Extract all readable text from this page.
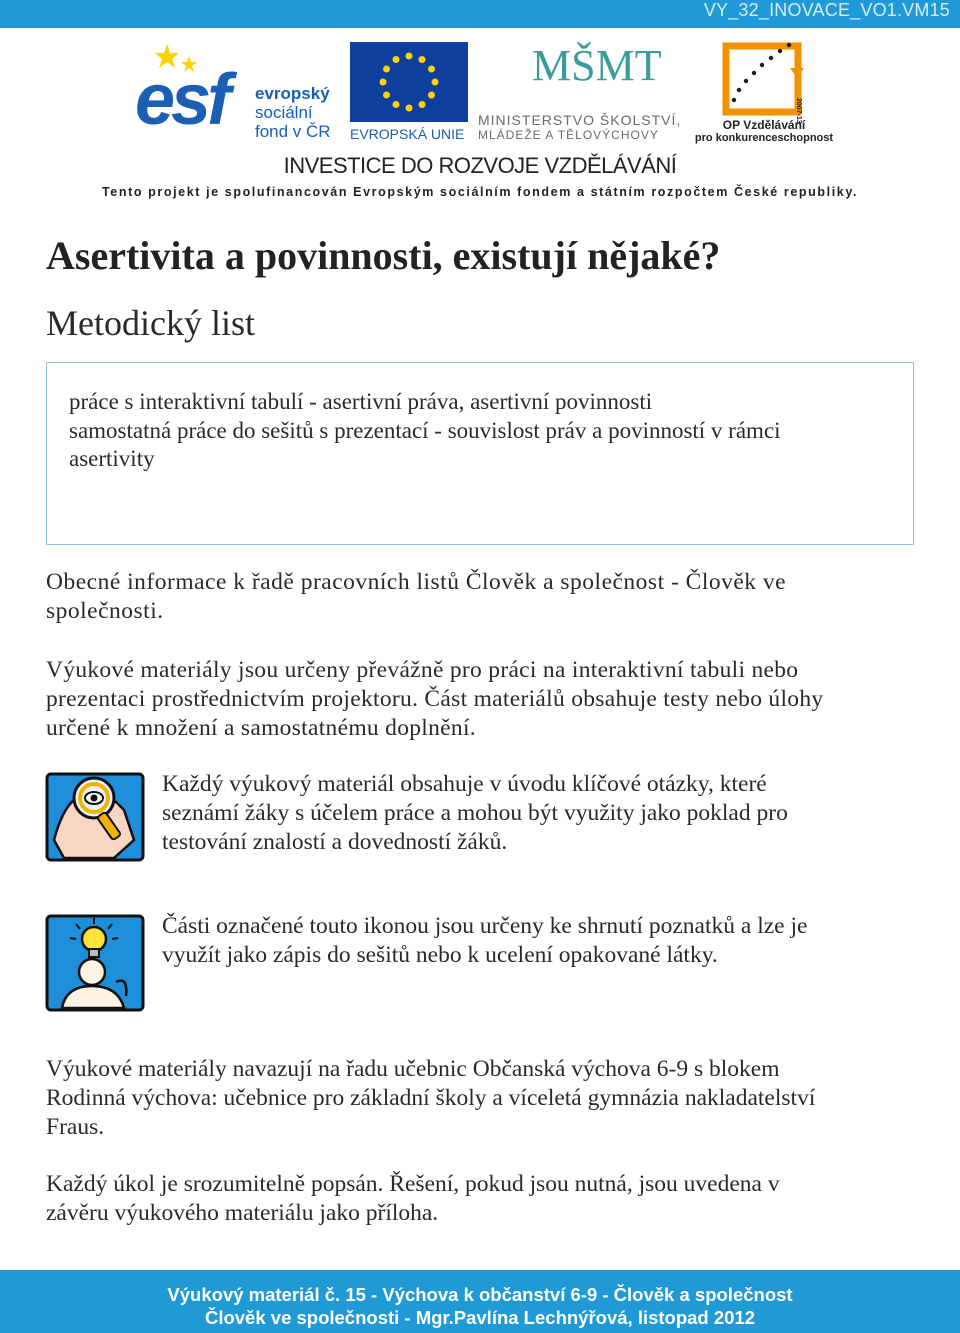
VY_32_INOVACE_VO1.VM15
esf evropský
sociální
fond v ČR EVROPSKÁ UNIE
MŠMT
MINISTERSTVO ŠKOLSTVÍ,
MLÁDEŽE A TĚLOVÝCHOVY
2007-13
OP Vzdělávání
pro konkurenceschopnost
INVESTICE DO ROZVOJE VZDĚLÁVÁNÍ
Tento projekt je spolufinancován Evropským sociálním fondem a státním rozpočtem České republiky.
Asertivita a povinnosti, existují nějaké?
Metodický list
práce s interaktivní tabulí - asertivní práva, asertivní povinnosti
samostatná práce do sešitů s prezentací - souvislost práv a povinností v rámci
asertivity
Obecné informace k řadě pracovních listů Člověk a společnost - Člověk ve
společnosti.
Výukové materiály jsou určeny převážně pro práci na interaktivní tabuli nebo
prezentaci prostřednictvím projektoru. Část materiálů obsahuje testy nebo úlohy
určené k množení a samostatnému doplnění.
Každý výukový materiál obsahuje v úvodu klíčové otázky, které
seznámí žáky s účelem práce a mohou být využity jako poklad pro
testování znalostí a dovedností žáků.
Části označené touto ikonou jsou určeny ke shrnutí poznatků a lze je
využít jako zápis do sešitů nebo k ucelení opakované látky.
Výukové materiály navazují na řadu učebnic Občanská výchova 6-9 s blokem
Rodinná výchova: učebnice pro základní školy a víceletá gymnázia nakladatelství
Fraus.
Každý úkol je srozumitelně popsán. Řešení, pokud jsou nutná, jsou uvedena v
závěru výukového materiálu jako příloha.
Výukový materiál č. 15 - Výchova k občanství 6-9 - Člověk a společnost
Člověk ve společnosti - Mgr.Pavlína Lechnýřová, listopad 2012
